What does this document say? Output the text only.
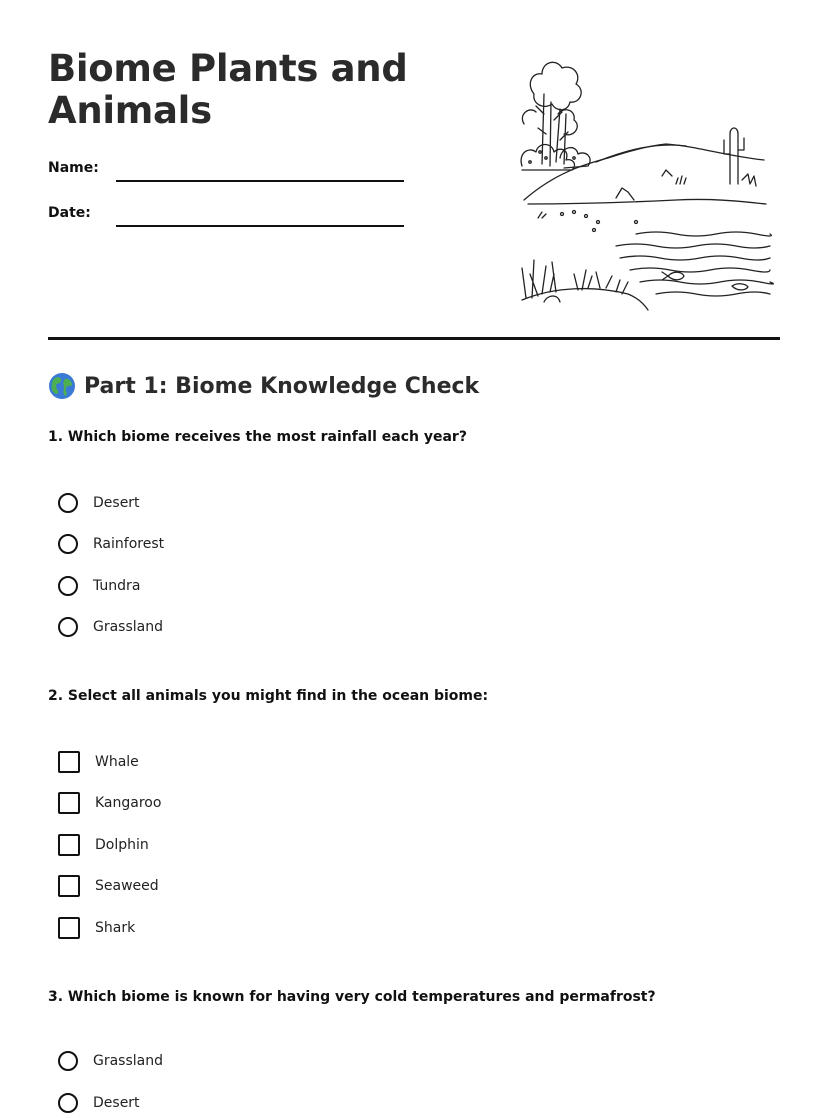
Biome Plants and Animals
Name:
Date:
Part 1: Biome Knowledge Check

1. Which biome receives the most rainfall each year?

Desert
Rainforest
Tundra
Grassland

2. Select all animals you might find in the ocean biome:

Whale
Kangaroo
Dolphin
Seaweed
Shark

3. Which biome is known for having very cold temperatures and permafrost?

Grassland
Desert
